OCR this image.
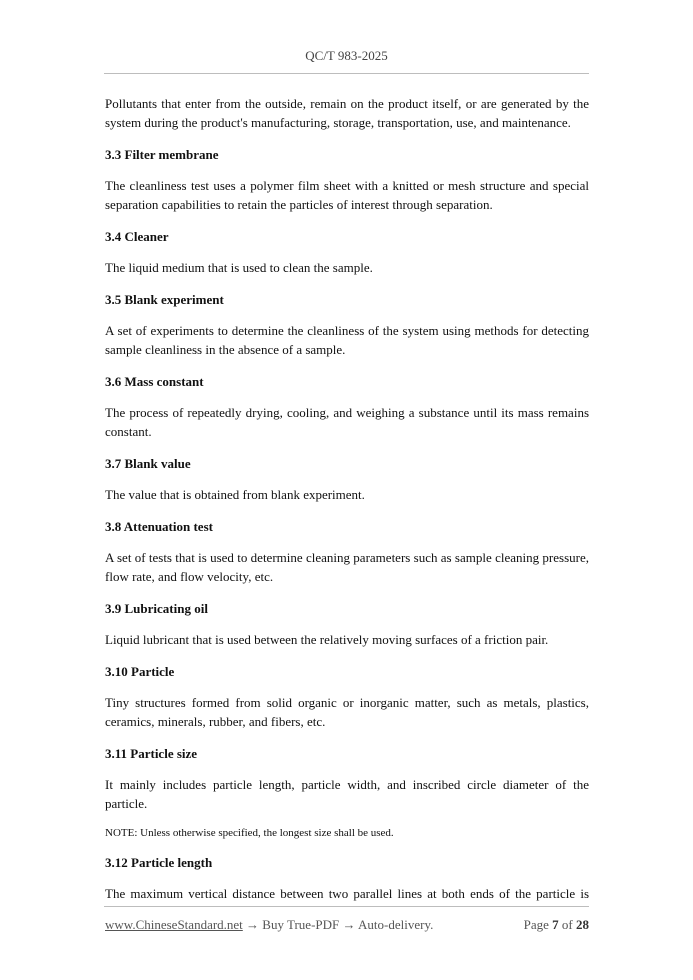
QC/T 983-2025

Pollutants that enter from the outside, remain on the product itself, or are generated by the system during the product's manufacturing, storage, transportation, use, and maintenance.

3.3 Filter membrane

The cleanliness test uses a polymer film sheet with a knitted or mesh structure and special separation capabilities to retain the particles of interest through separation.

3.4 Cleaner

The liquid medium that is used to clean the sample.

3.5 Blank experiment

A set of experiments to determine the cleanliness of the system using methods for detecting sample cleanliness in the absence of a sample.

3.6 Mass constant

The process of repeatedly drying, cooling, and weighing a substance until its mass remains constant.

3.7 Blank value

The value that is obtained from blank experiment.

3.8 Attenuation test

A set of tests that is used to determine cleaning parameters such as sample cleaning pressure, flow rate, and flow velocity, etc.

3.9 Lubricating oil

Liquid lubricant that is used between the relatively moving surfaces of a friction pair.

3.10 Particle

Tiny structures formed from solid organic or inorganic matter, such as metals, plastics, ceramics, minerals, rubber, and fibers, etc.

3.11 Particle size

It mainly includes particle length, particle width, and inscribed circle diameter of the particle.

NOTE: Unless otherwise specified, the longest size shall be used.

3.12 Particle length

The maximum vertical distance between two parallel lines at both ends of the particle is

www.ChineseStandard.net → Buy True-PDF → Auto-delivery.	Page 7 of 28
